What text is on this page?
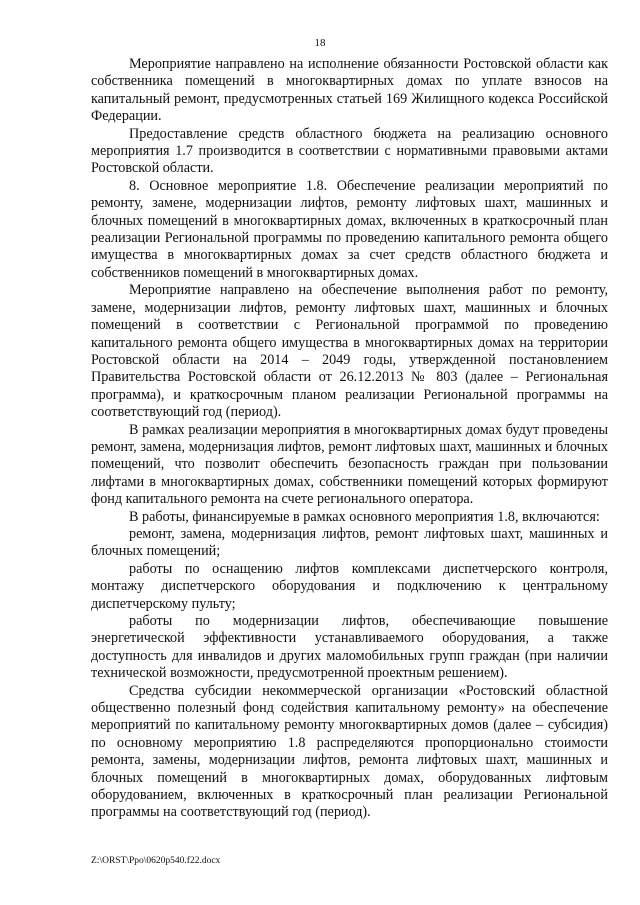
18

Мероприятие направлено на исполнение обязанности Ростовской области как собственника помещений в многоквартирных домах по уплате взносов на капитальный ремонт, предусмотренных статьей 169 Жилищного кодекса Российской Федерации.

Предоставление средств областного бюджета на реализацию основного мероприятия 1.7 производится в соответствии с нормативными правовыми актами Ростовской области.

8. Основное мероприятие 1.8. Обеспечение реализации мероприятий по ремонту, замене, модернизации лифтов, ремонту лифтовых шахт, машинных и блочных помещений в многоквартирных домах, включенных в краткосрочный план реализации Региональной программы по проведению капитального ремонта общего имущества в многоквартирных домах за счет средств областного бюджета и собственников помещений в многоквартирных домах.

Мероприятие направлено на обеспечение выполнения работ по ремонту, замене, модернизации лифтов, ремонту лифтовых шахт, машинных и блочных помещений в соответствии с Региональной программой по проведению капитального ремонта общего имущества в многоквартирных домах на территории Ростовской области на 2014 – 2049 годы, утвержденной постановлением Правительства Ростовской области от 26.12.2013 № 803 (далее – Региональная программа), и краткосрочным планом реализации Региональной программы на соответствующий год (период).

В рамках реализации мероприятия в многоквартирных домах будут проведены ремонт, замена, модернизация лифтов, ремонт лифтовых шахт, машинных и блочных помещений, что позволит обеспечить безопасность граждан при пользовании лифтами в многоквартирных домах, собственники помещений которых формируют фонд капитального ремонта на счете регионального оператора.

В работы, финансируемые в рамках основного мероприятия 1.8, включаются:

ремонт, замена, модернизация лифтов, ремонт лифтовых шахт, машинных и блочных помещений;

работы по оснащению лифтов комплексами диспетчерского контроля, монтажу диспетчерского оборудования и подключению к центральному диспетчерскому пульту;

работы по модернизации лифтов, обеспечивающие повышение энергетической эффективности устанавливаемого оборудования, а также доступность для инвалидов и других маломобильных групп граждан (при наличии технической возможности, предусмотренной проектным решением).

Средства субсидии некоммерческой организации «Ростовский областной общественно полезный фонд содействия капитальному ремонту» на обеспечение мероприятий по капитальному ремонту многоквартирных домов (далее – субсидия) по основному мероприятию 1.8 распределяются пропорционально стоимости ремонта, замены, модернизации лифтов, ремонта лифтовых шахт, машинных и блочных помещений в многоквартирных домах, оборудованных лифтовым оборудованием, включенных в краткосрочный план реализации Региональной программы на соответствующий год (период).

Z:\ORST\Ppo\0620p540.f22.docx
